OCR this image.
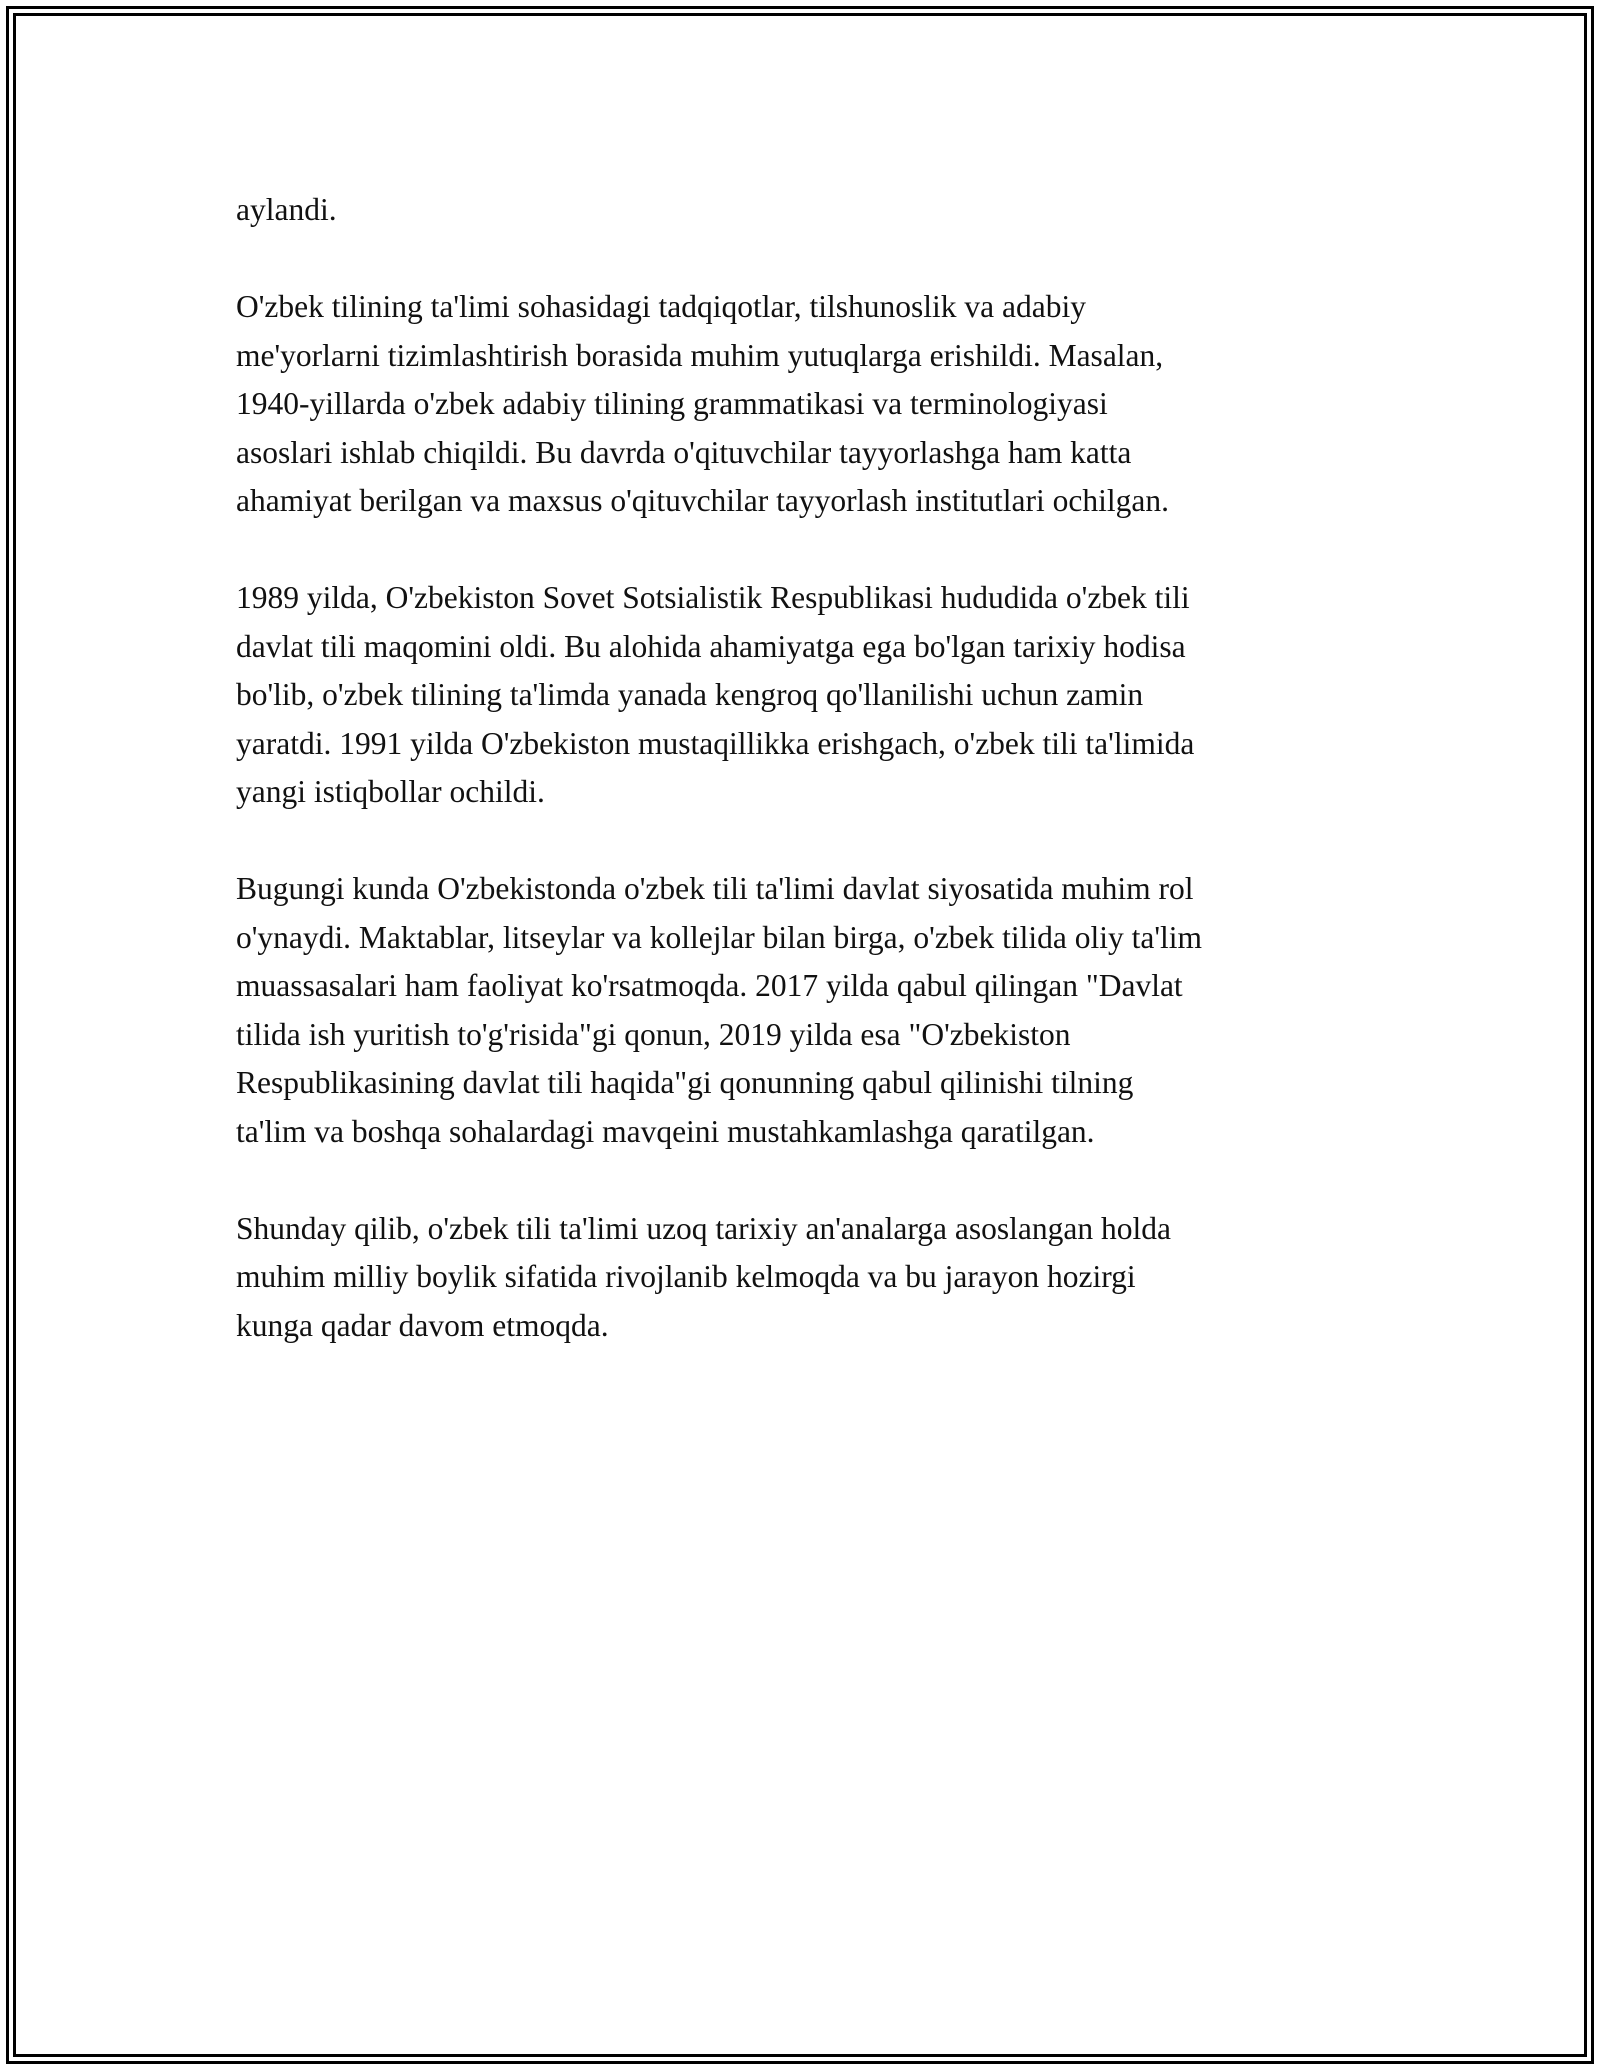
aylandi.

O'zbek tilining ta'limi sohasidagi tadqiqotlar, tilshunoslik va adabiy
me'yorlarni tizimlashtirish borasida muhim yutuqlarga erishildi. Masalan,
1940-yillarda o'zbek adabiy tilining grammatikasi va terminologiyasi
asoslari ishlab chiqildi. Bu davrda o'qituvchilar tayyorlashga ham katta
ahamiyat berilgan va maxsus o'qituvchilar tayyorlash institutlari ochilgan.

1989 yilda, O'zbekiston Sovet Sotsialistik Respublikasi hududida o'zbek tili
davlat tili maqomini oldi. Bu alohida ahamiyatga ega bo'lgan tarixiy hodisa
bo'lib, o'zbek tilining ta'limda yanada kengroq qo'llanilishi uchun zamin
yaratdi. 1991 yilda O'zbekiston mustaqillikka erishgach, o'zbek tili ta'limida
yangi istiqbollar ochildi.

Bugungi kunda O'zbekistonda o'zbek tili ta'limi davlat siyosatida muhim rol
o'ynaydi. Maktablar, litseylar va kollejlar bilan birga, o'zbek tilida oliy ta'lim
muassasalari ham faoliyat ko'rsatmoqda. 2017 yilda qabul qilingan "Davlat
tilida ish yuritish to'g'risida"gi qonun, 2019 yilda esa "O'zbekiston
Respublikasining davlat tili haqida"gi qonunning qabul qilinishi tilning
ta'lim va boshqa sohalardagi mavqeini mustahkamlashga qaratilgan.

Shunday qilib, o'zbek tili ta'limi uzoq tarixiy an'analarga asoslangan holda
muhim milliy boylik sifatida rivojlanib kelmoqda va bu jarayon hozirgi
kunga qadar davom etmoqda.
